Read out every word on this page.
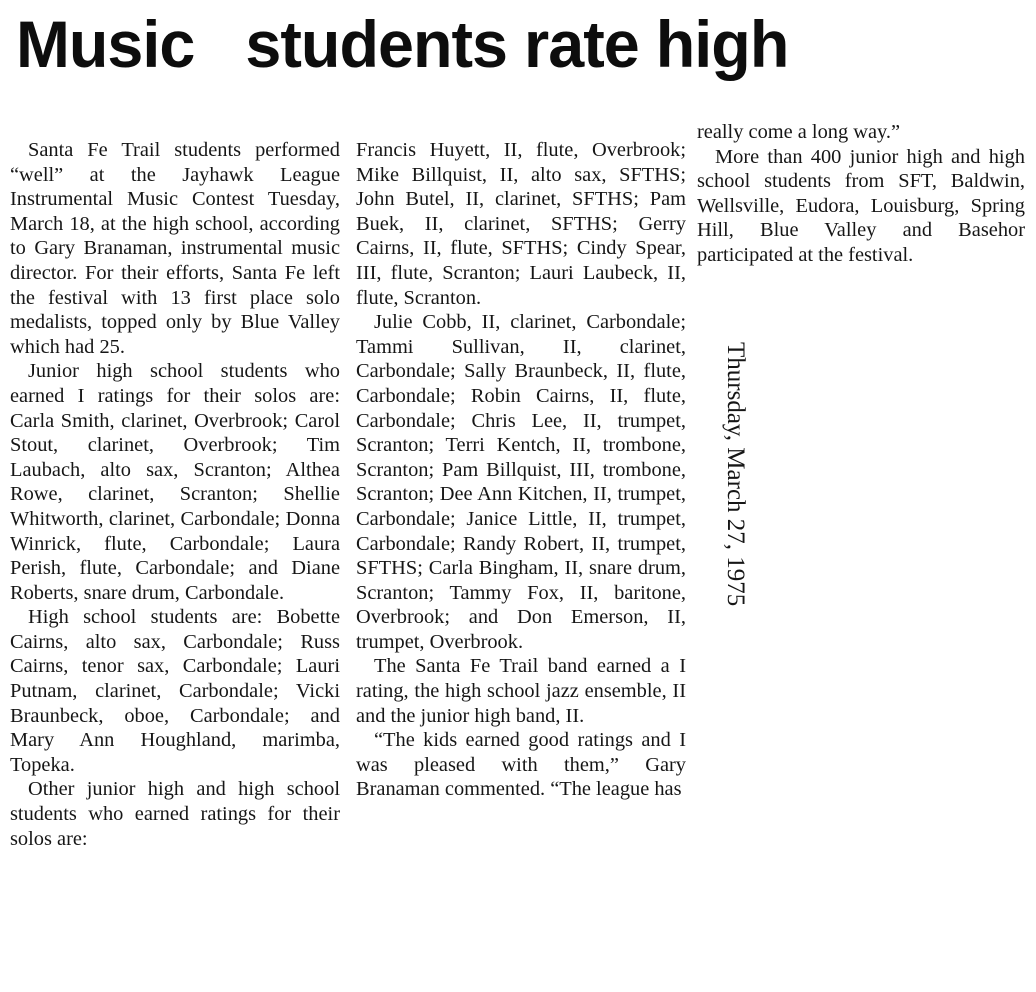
Music   students rate high

Santa Fe Trail students performed “well” at the Jayhawk League Instrumental Music Contest Tuesday, March 18, at the high school, according to Gary Branaman, instrumental music director. For their efforts, Santa Fe left the festival with 13 first place solo medalists, topped only by Blue Valley which had 25.

Junior high school students who earned I ratings for their solos are: Carla Smith, clarinet, Overbrook; Carol Stout, clarinet, Overbrook; Tim Laubach, alto sax, Scranton; Althea Rowe, clarinet, Scranton; Shellie Whitworth, clarinet, Carbondale; Donna Winrick, flute, Carbondale; Laura Perish, flute, Carbondale; and Diane Roberts, snare drum, Carbondale.

High school students are: Bobette Cairns, alto sax, Carbondale; Russ Cairns, tenor sax, Carbondale; Lauri Putnam, clarinet, Carbondale; Vicki Braunbeck, oboe, Carbondale; and Mary Ann Houghland, marimba, Topeka.

Other junior high and high school students who earned ratings for their solos are:

Francis Huyett, II, flute, Overbrook; Mike Billquist, II, alto sax, SFTHS; John Butel, II, clarinet, SFTHS; Pam Buek, II, clarinet, SFTHS; Gerry Cairns, II, flute, SFTHS; Cindy Spear, III, flute, Scranton; Lauri Laubeck, II, flute, Scranton.

Julie Cobb, II, clarinet, Carbondale; Tammi Sullivan, II, clarinet, Carbondale; Sally Braunbeck, II, flute, Carbondale; Robin Cairns, II, flute, Carbondale; Chris Lee, II, trumpet, Scranton; Terri Kentch, II, trombone, Scranton; Pam Billquist, III, trombone, Scranton; Dee Ann Kitchen, II, trumpet, Carbondale; Janice Little, II, trumpet, Carbondale; Randy Robert, II, trumpet, SFTHS; Carla Bingham, II, snare drum, Scranton; Tammy Fox, II, baritone, Overbrook; and Don Emerson, II, trumpet, Overbrook.

The Santa Fe Trail band earned a I rating, the high school jazz ensemble, II and the junior high band, II.

“The kids earned good ratings and I was pleased with them,” Gary Branaman commented. “The league has

really come a long way.”

More than 400 junior high and high school students from SFT, Baldwin, Wellsville, Eudora, Louisburg, Spring Hill, Blue Valley and Basehor participated at the festival.

Thursday, March 27, 1975
